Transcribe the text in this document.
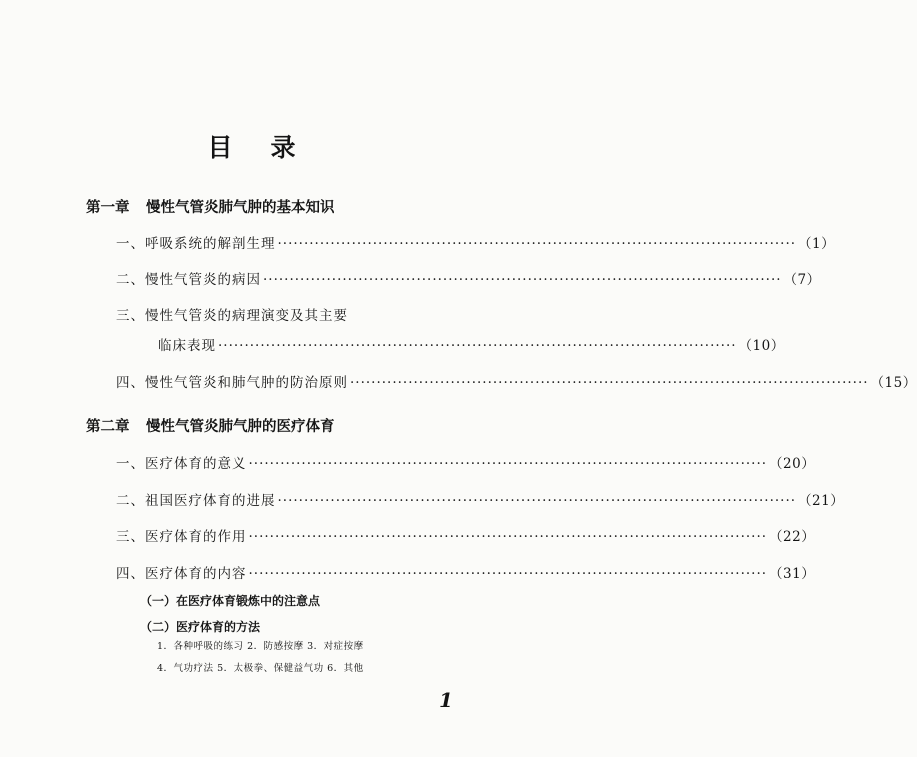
目 录
第一章 慢性气管炎肺气肿的基本知识
一、呼吸系统的解剖生理 ·································································································· （1）
二、慢性气管炎的病因 ·································································································· （7）
三、慢性气管炎的病理演变及其主要
临床表现 ·································································································· （10）
四、慢性气管炎和肺气肿的防治原则 ·································································································· （15）
第二章 慢性气管炎肺气肿的医疗体育
一、医疗体育的意义 ·································································································· （20）
二、祖国医疗体育的进展 ·································································································· （21）
三、医疗体育的作用 ·································································································· （22）
四、医疗体育的内容 ·································································································· （31）
（一）在医疗体育锻炼中的注意点
（二）医疗体育的方法
1．各种呼吸的练习 2．防感按摩 3．对症按摩
4．气功疗法 5．太极拳、保健益气功 6．其他
1
